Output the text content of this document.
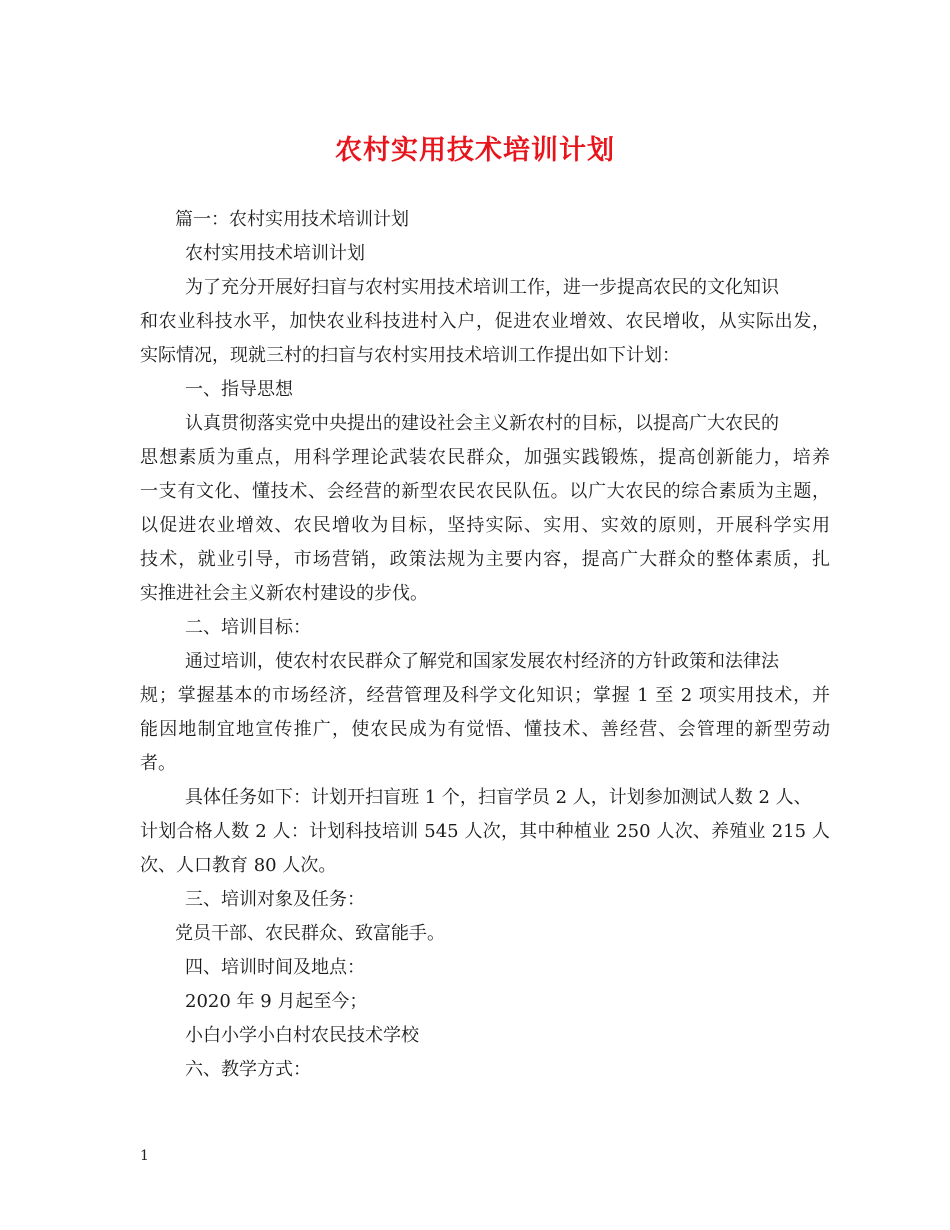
农村实用技术培训计划
篇一：农村实用技术培训计划
农村实用技术培训计划
为了充分开展好扫盲与农村实用技术培训工作，进一步提高农民的文化知识
和农业科技水平，加快农业科技进村入户，促进农业增效、农民增收，从实际出发，
实际情况，现就三村的扫盲与农村实用技术培训工作提出如下计划：
一、指导思想
认真贯彻落实党中央提出的建设社会主义新农村的目标，以提高广大农民的
思想素质为重点，用科学理论武装农民群众，加强实践锻炼，提高创新能力，培养
一支有文化、懂技术、会经营的新型农民农民队伍。以广大农民的综合素质为主题，
以促进农业增效、农民增收为目标，坚持实际、实用、实效的原则，开展科学实用
技术，就业引导，市场营销，政策法规为主要内容，提高广大群众的整体素质，扎
实推进社会主义新农村建设的步伐。
二、培训目标：
通过培训，使农村农民群众了解党和国家发展农村经济的方针政策和法律法
规；掌握基本的市场经济，经营管理及科学文化知识；掌握 1 至 2 项实用技术，并
能因地制宜地宣传推广，使农民成为有觉悟、懂技术、善经营、会管理的新型劳动
者。
具体任务如下：计划开扫盲班 1 个，扫盲学员 2 人，计划参加测试人数 2 人、
计划合格人数 2 人：计划科技培训 545 人次，其中种植业 250 人次、养殖业 215 人
次、人口教育 80 人次。
三、培训对象及任务：
党员干部、农民群众、致富能手。
四、培训时间及地点：
2020 年 9 月起至今；
小白小学小白村农民技术学校
六、教学方式：
1
